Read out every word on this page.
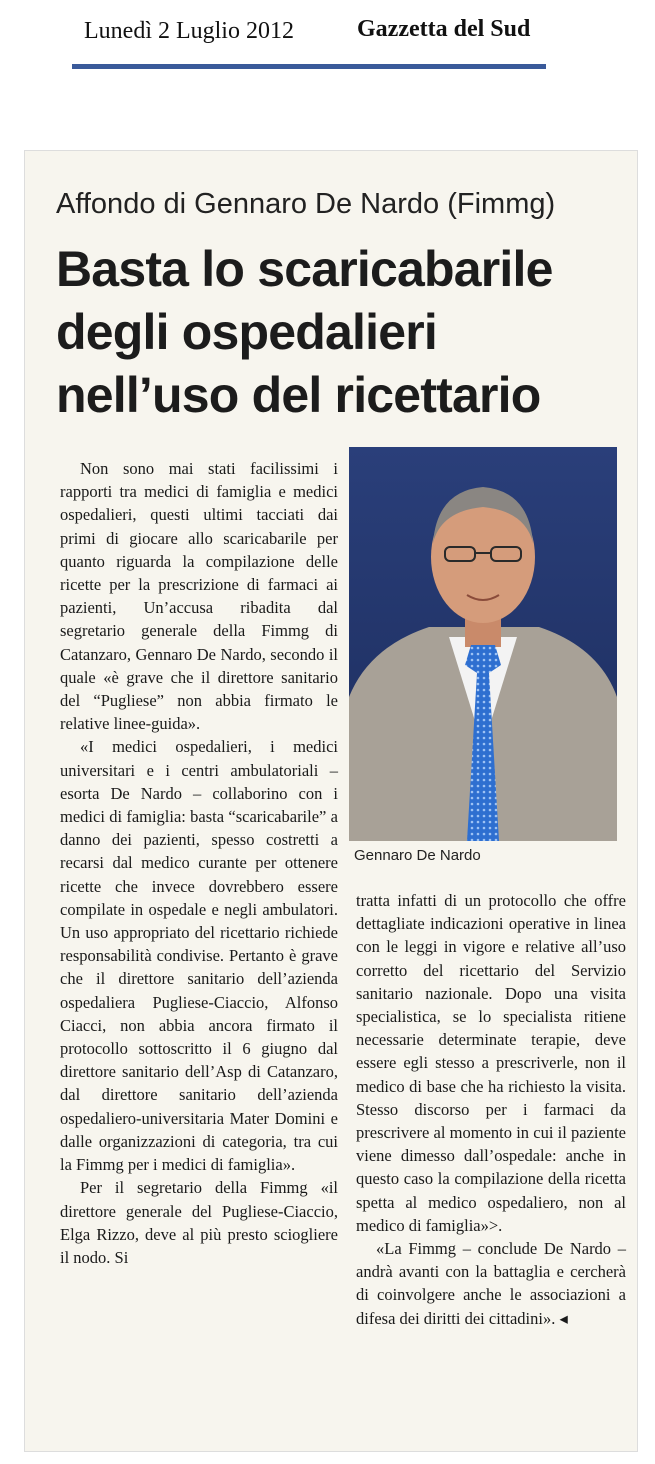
Lunedì 2 Luglio 2012	Gazzetta del Sud
Affondo di Gennaro De Nardo (Fimmg)
Basta lo scaricabarile
degli ospedalieri
nell’uso del ricettario

Non sono mai stati facilissimi i rapporti tra medici di famiglia e medici ospedalieri, questi ultimi tacciati dai primi di giocare allo scaricabarile per quanto riguarda la compilazione delle ricette per la prescrizione di farmaci ai pazienti, Un’accusa ribadita dal segretario generale della Fimmg di Catanzaro, Gennaro De Nardo, secondo il quale «è grave che il direttore sanitario del “Pugliese” non abbia firmato le relative linee-guida».

«I medici ospedalieri, i medici universitari e i centri ambulatoriali – esorta De Nardo – collaborino con i medici di famiglia: basta “scaricabarile” a danno dei pazienti, spesso costretti a recarsi dal medico curante per ottenere ricette che invece dovrebbero essere compilate in ospedale e negli ambulatori. Un uso appropriato del ricettario richiede responsabilità condivise. Pertanto è grave che il direttore sanitario dell’azienda ospedaliera Pugliese-Ciaccio, Alfonso Ciacci, non abbia ancora firmato il protocollo sottoscritto il 6 giugno dal direttore sanitario dell’Asp di Catanzaro, dal direttore sanitario dell’azienda ospedaliero-universitaria Mater Domini e dalle organizzazioni di categoria, tra cui la Fimmg per i medici di famiglia».

Per il segretario della Fimmg «il direttore generale del Pugliese-Ciaccio, Elga Rizzo, deve al più presto sciogliere il nodo. Si

Gennaro De Nardo

tratta infatti di un protocollo che offre dettagliate indicazioni operative in linea con le leggi in vigore e relative all’uso corretto del ricettario del Servizio sanitario nazionale. Dopo una visita specialistica, se lo specialista ritiene necessarie determinate terapie, deve essere egli stesso a prescriverle, non il medico di base che ha richiesto la visita. Stesso discorso per i farmaci da prescrivere al momento in cui il paziente viene dimesso dall’ospedale: anche in questo caso la compilazione della ricetta spetta al medico ospedaliero, non al medico di famiglia»>.

«La Fimmg – conclude De Nardo – andrà avanti con la battaglia e cercherà di coinvolgere anche le associazioni a difesa dei diritti dei cittadini». ◂
